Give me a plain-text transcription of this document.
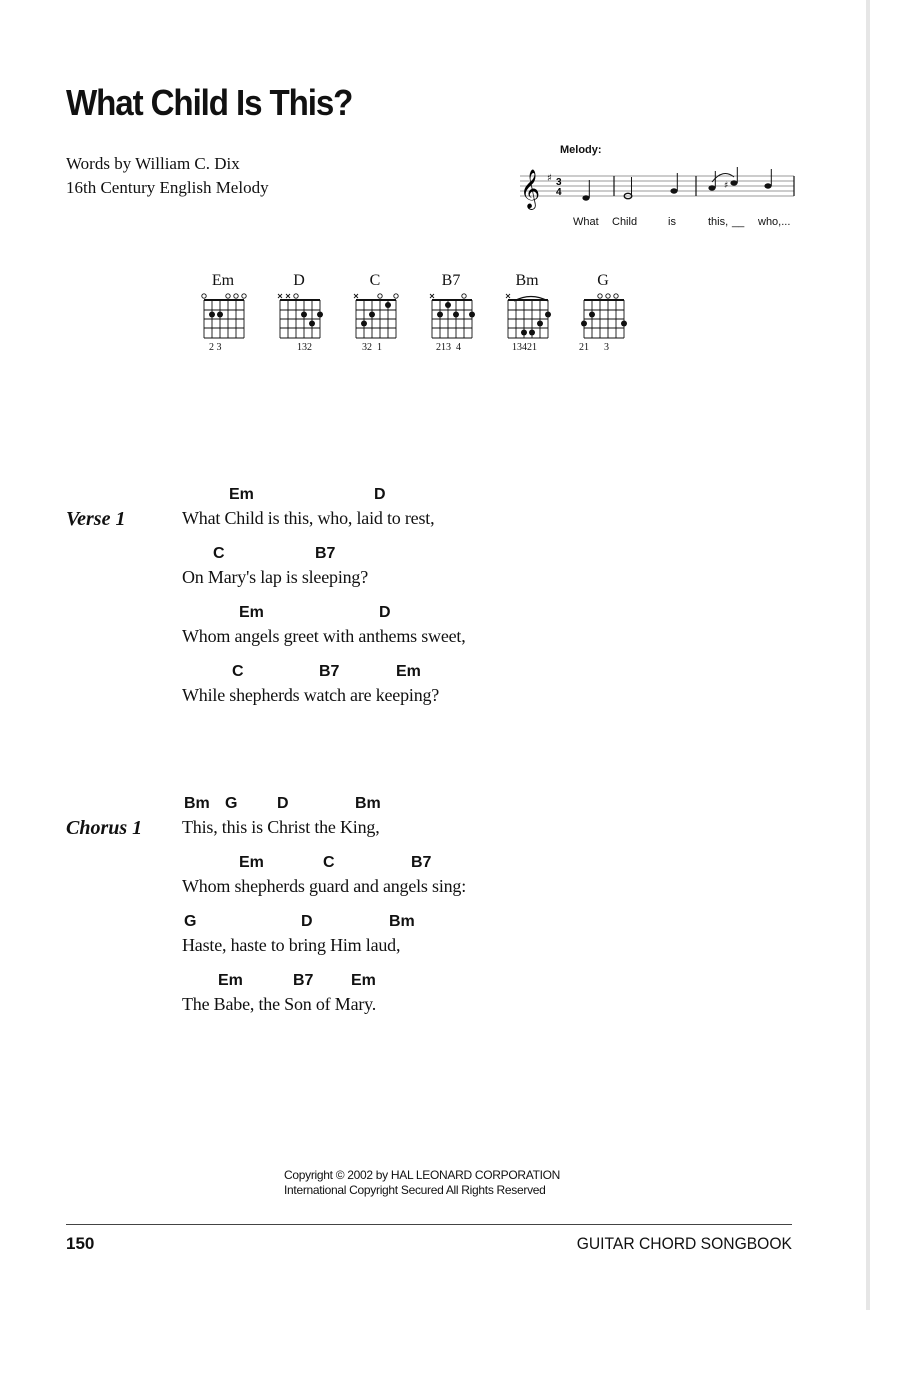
What Child Is This?
Words by William C. Dix
16th Century English Melody
Melody:
𝄞 ♯ 3
4
♯
What Child	is	this, __ who,...
Em
2 3
D
132
C
32  1
B7
213  4
Bm
13421
G
21      3
Verse 1
Em	D
What Child is this, who, laid to rest,
C	B7
On Mary's lap is sleeping?
Em	D
Whom angels greet with anthems sweet,
C	B7	Em
While shepherds watch are keeping?
Chorus 1
Bm G D	Bm
This, this is Christ the King,
Em	C	B7
Whom shepherds guard and angels sing:
G	D	Bm
Haste, haste to bring Him laud,
Em	B7 Em
The Babe, the Son of Mary.
Copyright © 2002 by HAL LEONARD CORPORATION
International Copyright Secured All Rights Reserved
150	GUITAR CHORD SONGBOOK
